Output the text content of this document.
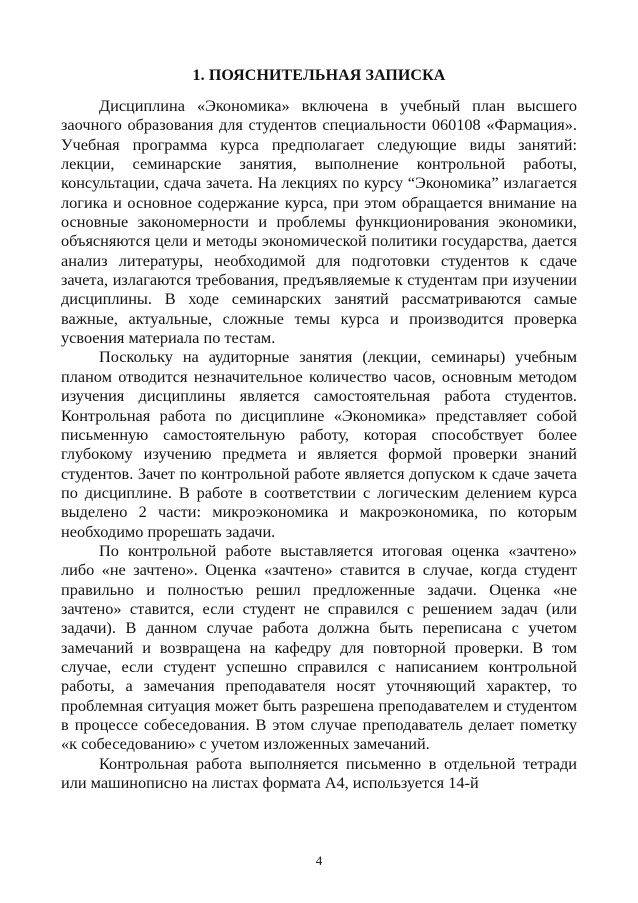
1. ПОЯСНИТЕЛЬНАЯ ЗАПИСКА

Дисциплина «Экономика» включена в учебный план высшего заочного образования для студентов специальности 060108 «Фармация». Учебная программа курса предполагает следующие виды занятий: лекции, семинарские занятия, выполнение контрольной работы, консультации, сдача зачета. На лекциях по курсу “Экономика” излагается логика и основное содержание курса, при этом обращается внимание на основные закономерности и проблемы функционирования экономики, объясняются цели и методы экономической политики государства, дается анализ литературы, необходимой для подготовки студентов к сдаче зачета, излагаются требования, предъявляемые к студентам при изучении дисциплины. В ходе семинарских занятий рассматриваются самые важные, актуальные, сложные темы курса и производится проверка усвоения материала по тестам.

Поскольку на аудиторные занятия (лекции, семинары) учебным планом отводится незначительное количество часов, основным методом изучения дисциплины является самостоятельная работа студентов. Контрольная работа по дисциплине «Экономика» представляет собой письменную самостоятельную работу, которая способствует более глубокому изучению предмета и является формой проверки знаний студентов. Зачет по контрольной работе является допуском к сдаче зачета по дисциплине. В работе в соответствии с логическим делением курса выделено 2 части: микроэкономика и макроэкономика, по которым необходимо прорешать задачи.

По контрольной работе выставляется итоговая оценка «зачтено» либо «не зачтено». Оценка «зачтено» ставится в случае, когда студент правильно и полностью решил предложенные задачи. Оценка «не зачтено» ставится, если студент не справился с решением задач (или задачи). В данном случае работа должна быть переписана с учетом замечаний и возвращена на кафедру для повторной проверки. В том случае, если студент успешно справился с написанием контрольной работы, а замечания преподавателя носят уточняющий характер, то проблемная ситуация может быть разрешена преподавателем и студентом в процессе собеседования. В этом случае преподаватель делает пометку «к собеседованию» с учетом изложенных замечаний.

Контрольная работа выполняется письменно в отдельной тетради или машинописно на листах формата А4, используется 14-й

4
